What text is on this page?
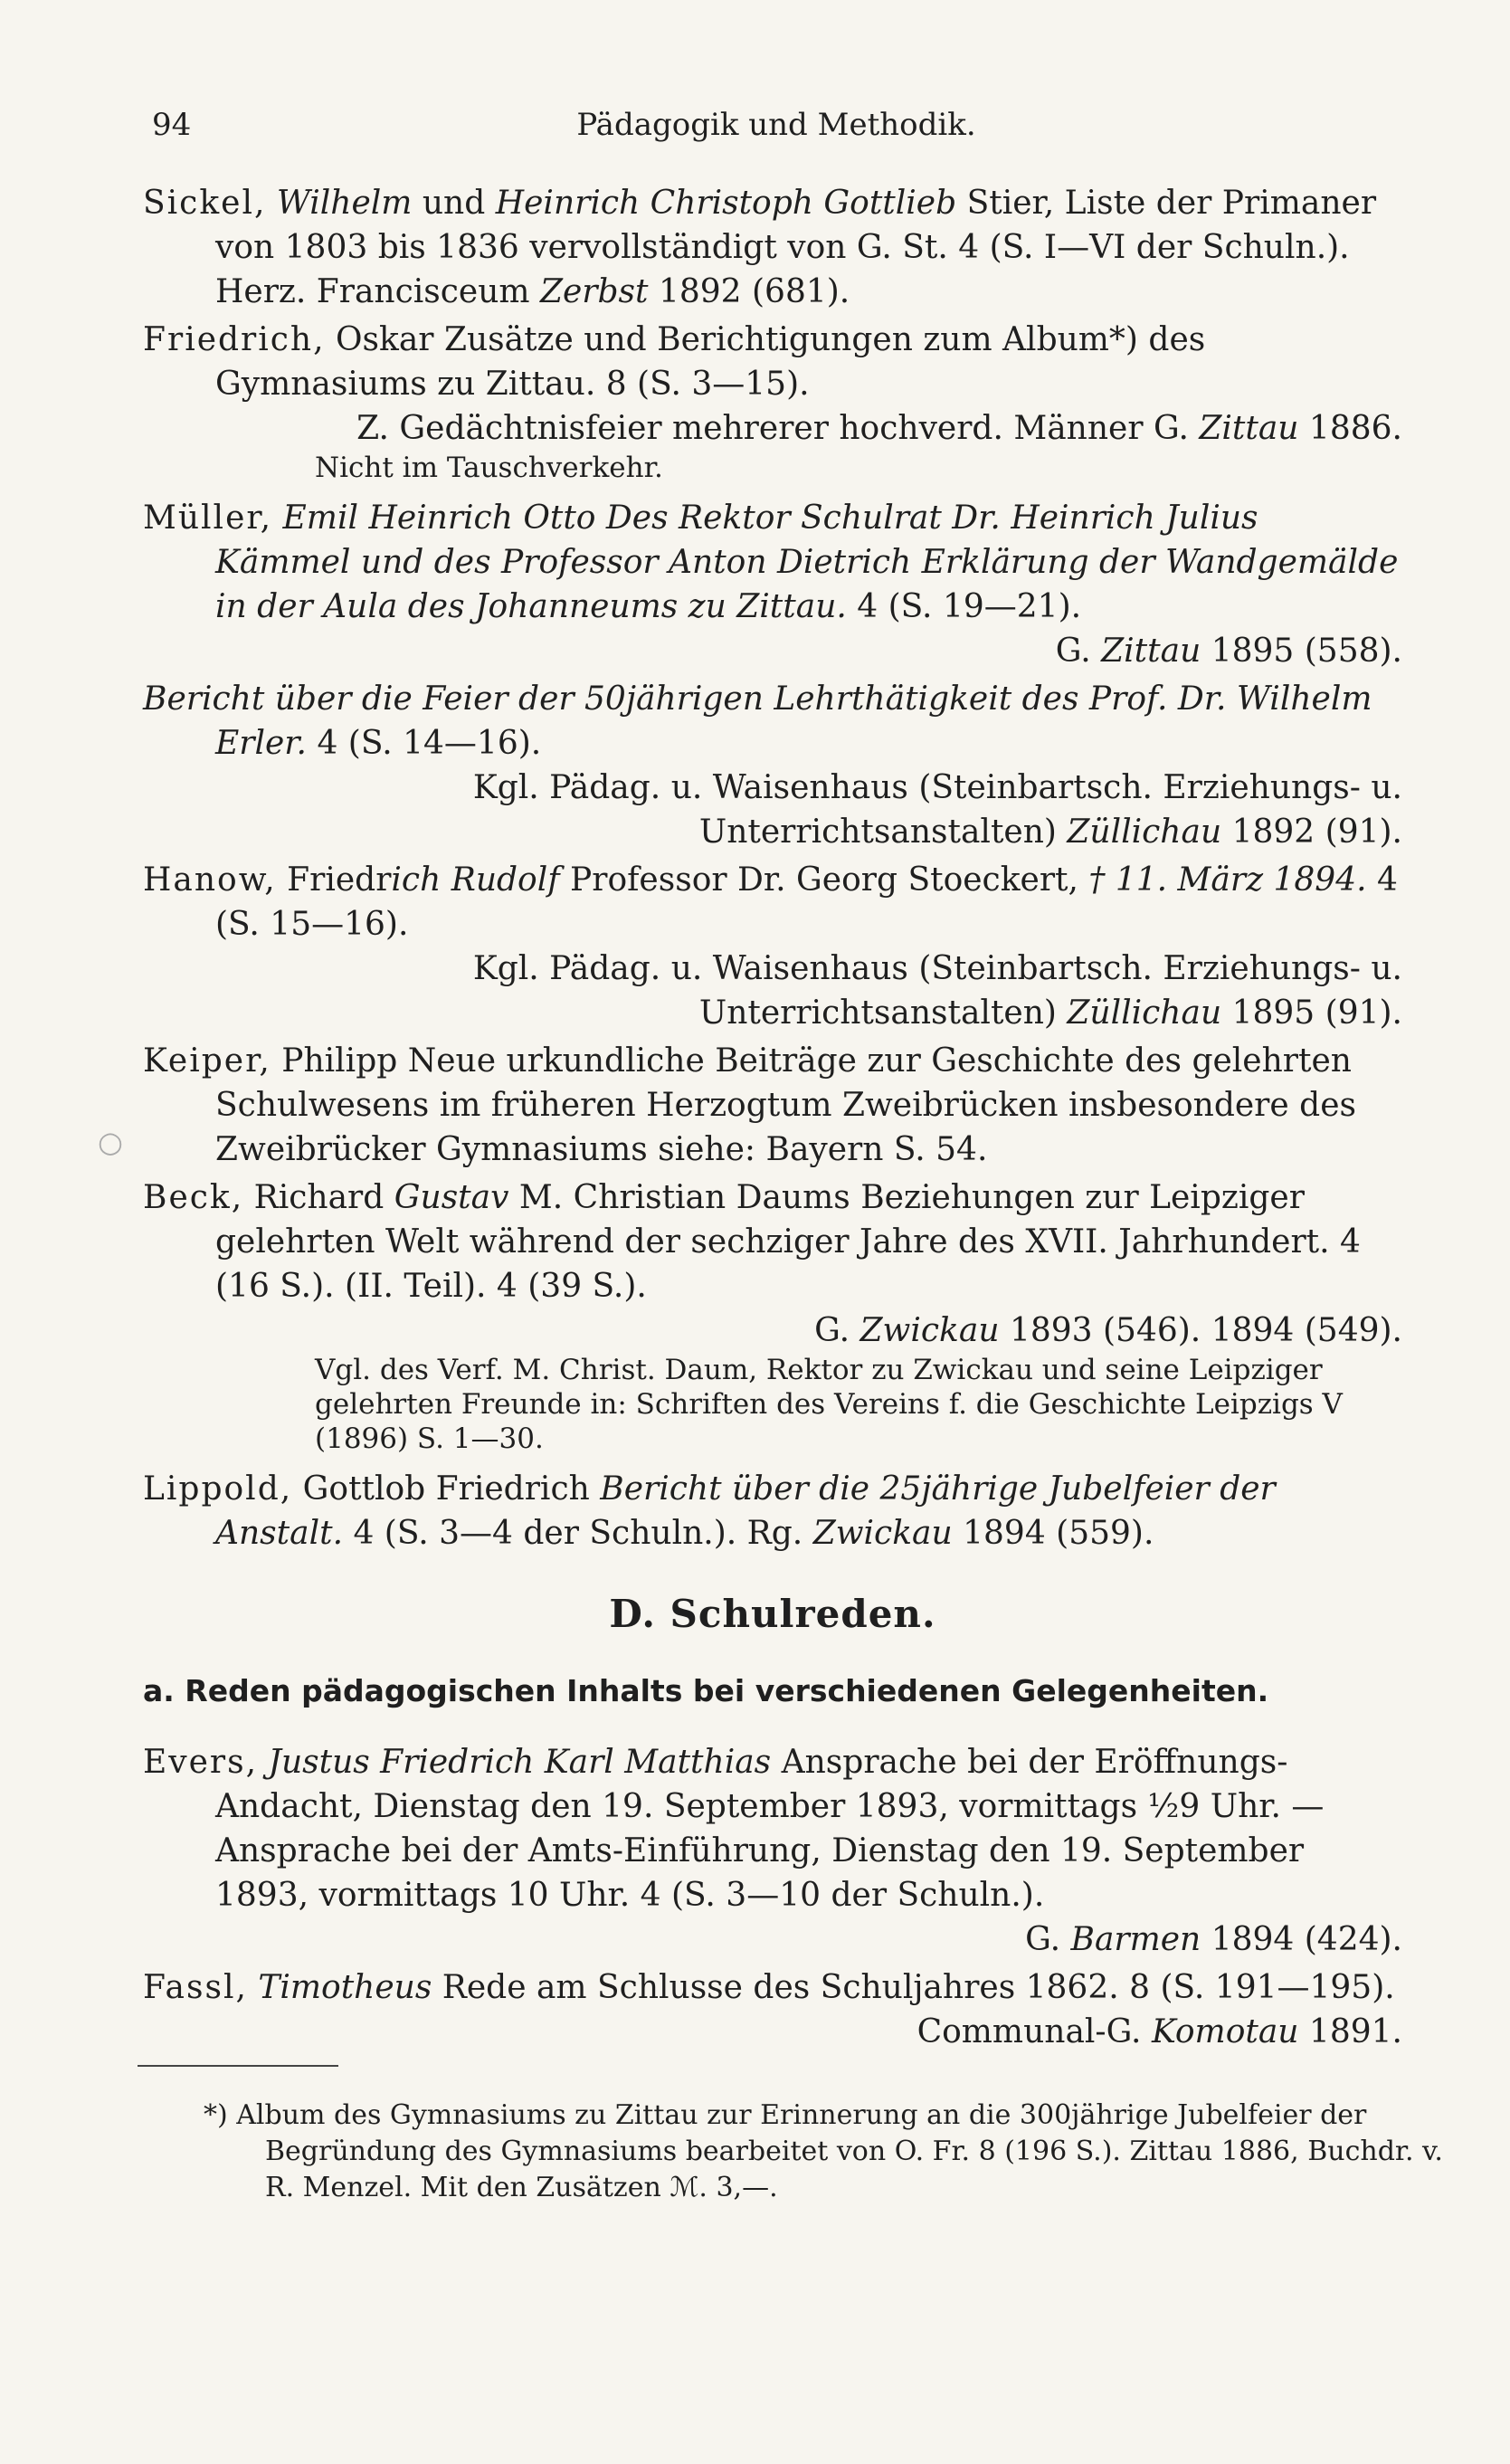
94	Pädagogik und Methodik.
○
Sickel, Wilhelm und Heinrich Christoph Gottlieb Stier, Liste der Primaner von 1803 bis 1836 vervollständigt von G. St. 4 (S. I—VI der Schuln.). Herz. Francisceum Zerbst 1892 (681).
Friedrich, Oskar Zusätze und Berichtigungen zum Album*) des Gymnasiums zu Zittau. 8 (S. 3—15).
Z. Gedächtnisfeier mehrerer hochverd. Männer G. Zittau 1886.
Nicht im Tauschverkehr.
Müller, Emil Heinrich Otto Des Rektor Schulrat Dr. Heinrich Julius Kämmel und des Professor Anton Dietrich Erklärung der Wandgemälde in der Aula des Johanneums zu Zittau. 4 (S. 19—21).
G. Zittau 1895 (558).
Bericht über die Feier der 50jährigen Lehrthätigkeit des Prof. Dr. Wilhelm Erler. 4 (S. 14—16).
Kgl. Pädag. u. Waisenhaus (Steinbartsch. Erziehungs- u. Unterrichtsanstalten) Züllichau 1892 (91).
Hanow, Friedrich Rudolf Professor Dr. Georg Stoeckert, † 11. März 1894. 4 (S. 15—16).
Kgl. Pädag. u. Waisenhaus (Steinbartsch. Erziehungs- u. Unterrichtsanstalten) Züllichau 1895 (91).
Keiper, Philipp Neue urkundliche Beiträge zur Geschichte des gelehrten Schulwesens im früheren Herzogtum Zweibrücken insbesondere des Zweibrücker Gymnasiums siehe: Bayern S. 54.
Beck, Richard Gustav M. Christian Daums Beziehungen zur Leipziger gelehrten Welt während der sechziger Jahre des XVII. Jahrhundert. 4 (16 S.). (II. Teil). 4 (39 S.).
G. Zwickau 1893 (546). 1894 (549).
Vgl. des Verf. M. Christ. Daum, Rektor zu Zwickau und seine Leipziger gelehrten Freunde in: Schriften des Vereins f. die Geschichte Leipzigs V (1896) S. 1—30.
Lippold, Gottlob Friedrich Bericht über die 25jährige Jubelfeier der Anstalt. 4 (S. 3—4 der Schuln.). Rg. Zwickau 1894 (559).
D. Schulreden.
a. Reden pädagogischen Inhalts bei verschiedenen Gelegenheiten.
Evers, Justus Friedrich Karl Matthias Ansprache bei der Eröffnungs-Andacht, Dienstag den 19. September 1893, vormittags ½9 Uhr. — Ansprache bei der Amts-Einführung, Dienstag den 19. September 1893, vormittags 10 Uhr. 4 (S. 3—10 der Schuln.).
G. Barmen 1894 (424).
Fassl, Timotheus Rede am Schlusse des Schuljahres 1862. 8 (S. 191—195).
Communal-G. Komotau 1891.
*) Album des Gymnasiums zu Zittau zur Erinnerung an die 300jährige Jubelfeier der Begründung des Gymnasiums bearbeitet von O. Fr. 8 (196 S.). Zittau 1886, Buchdr. v. R. Menzel. Mit den Zusätzen ℳ. 3,—.
